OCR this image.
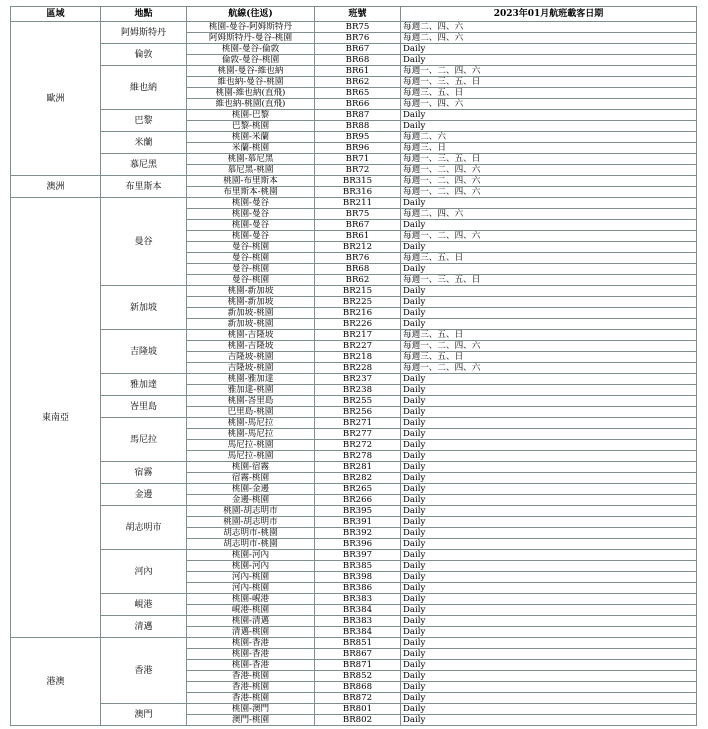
區域	地點	航線(往返)	班號	2023年01月航班載客日期
歐洲	阿姆斯特丹	桃園-曼谷-阿姆斯特丹	BR75	每週二、四、六
		阿姆斯特丹-曼谷-桃園	BR76	每週二、四、六
	倫敦	桃園-曼谷-倫敦	BR67	Daily
		倫敦-曼谷-桃園	BR68	Daily
	維也納	桃園-曼谷-維也納	BR61	每週一、二、四、六
		維也納-曼谷-桃園	BR62	每週一、三、五、日
		桃園-維也納(直飛)	BR65	每週三、五、日
		維也納-桃園(直飛)	BR66	每週一、四、六
	巴黎	桃園-巴黎	BR87	Daily
		巴黎-桃園	BR88	Daily
	米蘭	桃園-米蘭	BR95	每週二、六
		米蘭-桃園	BR96	每週三、日
	慕尼黑	桃園-慕尼黑	BR71	每週一、三、五、日
		慕尼黑-桃園	BR72	每週一、二、四、六
澳洲	布里斯本	桃園-布里斯本	BR315	每週一、二、四、六
		布里斯本-桃園	BR316	每週一、二、四、六
東南亞	曼谷	桃園-曼谷	BR211	Daily
		桃園-曼谷	BR75	每週二、四、六
		桃園-曼谷	BR67	Daily
		桃園-曼谷	BR61	每週一、二、四、六
		曼谷-桃園	BR212	Daily
		曼谷-桃園	BR76	每週三、五、日
		曼谷-桃園	BR68	Daily
		曼谷-桃園	BR62	每週一、三、五、日
	新加坡	桃園-新加坡	BR215	Daily
		桃園-新加坡	BR225	Daily
		新加坡-桃園	BR216	Daily
		新加坡-桃園	BR226	Daily
	吉隆坡	桃園-吉隆坡	BR217	每週三、五、日
		桃園-吉隆坡	BR227	每週一、二、四、六
		吉隆坡-桃園	BR218	每週三、五、日
		吉隆坡-桃園	BR228	每週一、二、四、六
	雅加達	桃園-雅加達	BR237	Daily
		雅加達-桃園	BR238	Daily
	峇里島	桃園-峇里島	BR255	Daily
		巴里島-桃園	BR256	Daily
	馬尼拉	桃園-馬尼拉	BR271	Daily
		桃園-馬尼拉	BR277	Daily
		馬尼拉-桃園	BR272	Daily
		馬尼拉-桃園	BR278	Daily
	宿霧	桃園-宿霧	BR281	Daily
		宿霧-桃園	BR282	Daily
	金邊	桃園-金邊	BR265	Daily
		金邊-桃園	BR266	Daily
	胡志明市	桃園-胡志明市	BR395	Daily
		桃園-胡志明市	BR391	Daily
		胡志明市-桃園	BR392	Daily
		胡志明市-桃園	BR396	Daily
	河內	桃園-河內	BR397	Daily
		桃園-河內	BR385	Daily
		河內-桃園	BR398	Daily
		河內-桃園	BR386	Daily
	峴港	桃園-峴港	BR383	Daily
		峴港-桃園	BR384	Daily
	清邁	桃園-清邁	BR383	Daily
		清邁-桃園	BR384	Daily
港澳	香港	桃園-香港	BR851	Daily
		桃園-香港	BR867	Daily
		桃園-香港	BR871	Daily
		香港-桃園	BR852	Daily
		香港-桃園	BR868	Daily
		香港-桃園	BR872	Daily
	澳門	桃園-澳門	BR801	Daily
		澳門-桃園	BR802	Daily
